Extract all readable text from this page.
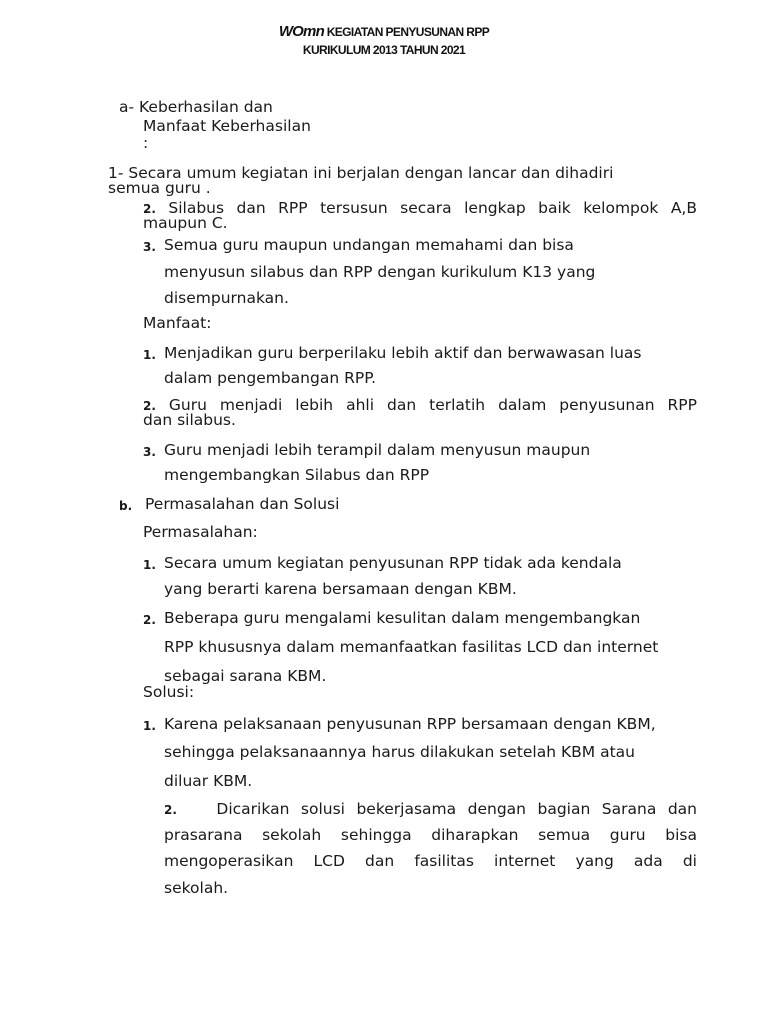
WOmn KEGIATAN PENYUSUNAN RPP
KURIKULUM 2013 TAHUN 2021
a- Keberhasilan dan
Manfaat Keberhasilan
:
1- Secara umum kegiatan ini berjalan dengan lancar dan dihadiri
semua guru .
2. Silabus dan RPP tersusun secara lengkap baik kelompok A,B
maupun C.
3. Semua guru maupun undangan memahami dan bisa
menyusun silabus dan RPP dengan kurikulum K13 yang
disempurnakan.
Manfaat:
1. Menjadikan guru berperilaku lebih aktif dan berwawasan luas
dalam pengembangan RPP.
2. Guru menjadi lebih ahli dan terlatih dalam penyusunan RPP
dan silabus.
3. Guru menjadi lebih terampil dalam menyusun maupun
mengembangkan Silabus dan RPP
b. Permasalahan dan Solusi
Permasalahan:
1. Secara umum kegiatan penyusunan RPP tidak ada kendala
yang berarti karena bersamaan dengan KBM.
2. Beberapa guru mengalami kesulitan dalam mengembangkan
RPP khususnya dalam memanfaatkan fasilitas LCD dan internet
sebagai sarana KBM.
Solusi:
1. Karena pelaksanaan penyusunan RPP bersamaan dengan KBM,
sehingga pelaksanaannya harus dilakukan setelah KBM atau
diluar KBM.
2.	Dicarikan solusi bekerjasama dengan bagian Sarana dan
prasarana sekolah sehingga diharapkan semua guru bisa
mengoperasikan LCD dan fasilitas internet yang ada di
sekolah.
